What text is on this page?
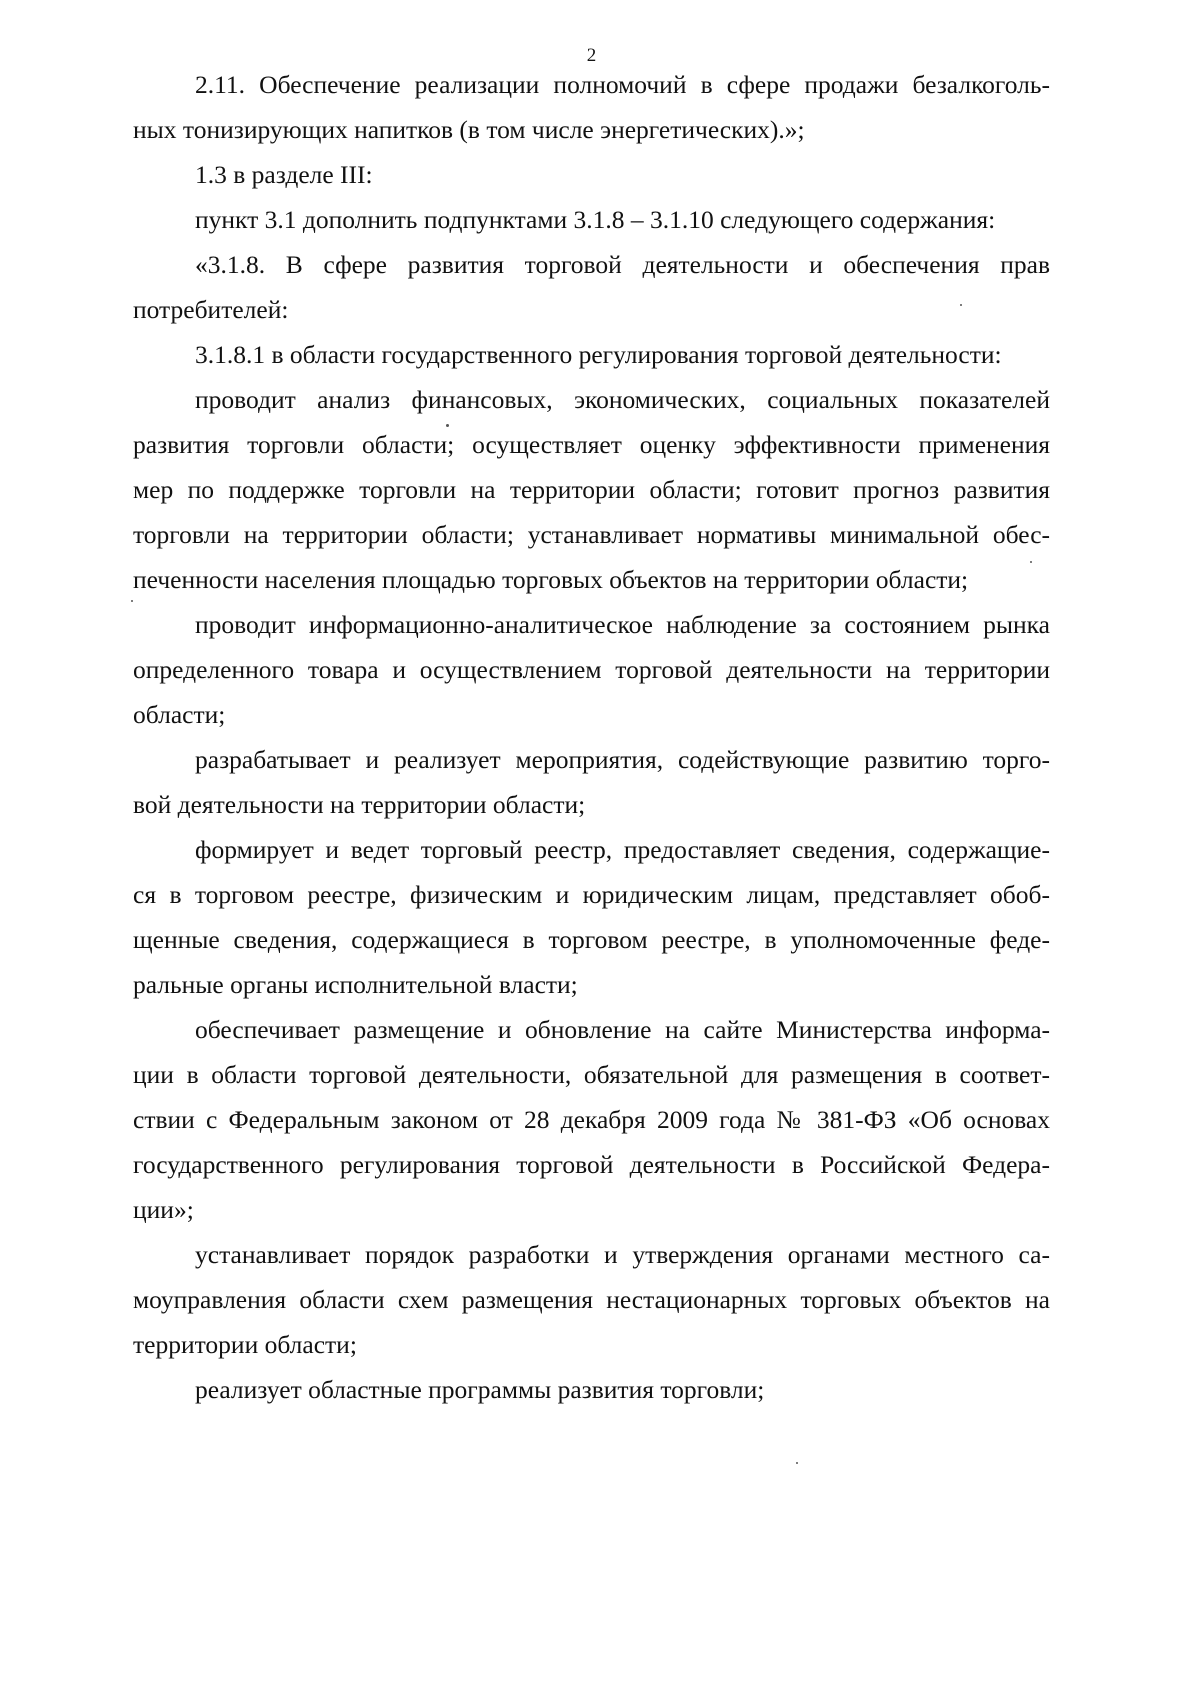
2
2.11. Обеспечение реализации полномочий в сфере продажи безалкоголь-
ных тонизирующих напитков (в том числе энергетических).»;
1.3 в разделе III:
пункт 3.1 дополнить подпунктами 3.1.8 – 3.1.10 следующего содержания:
«3.1.8. В сфере развития торговой деятельности и обеспечения прав
потребителей:
3.1.8.1 в области государственного регулирования торговой деятельности:
проводит анализ финансовых, экономических, социальных показателей
развития торговли области; осуществляет оценку эффективности применения
мер по поддержке торговли на территории области; готовит прогноз развития
торговли на территории области; устанавливает нормативы минимальной обес-
печенности населения площадью торговых объектов на территории области;
проводит информационно-аналитическое наблюдение за состоянием рынка
определенного товара и осуществлением торговой деятельности на территории
области;
разрабатывает и реализует мероприятия, содействующие развитию торго-
вой деятельности на территории области;
формирует и ведет торговый реестр, предоставляет сведения, содержащие-
ся в торговом реестре, физическим и юридическим лицам, представляет обоб-
щенные сведения, содержащиеся в торговом реестре, в уполномоченные феде-
ральные органы исполнительной власти;
обеспечивает размещение и обновление на сайте Министерства информа-
ции в области торговой деятельности, обязательной для размещения в соответ-
ствии с Федеральным законом от 28 декабря 2009 года № 381-ФЗ «Об основах
государственного регулирования торговой деятельности в Российской Федера-
ции»;
устанавливает порядок разработки и утверждения органами местного са-
моуправления области схем размещения нестационарных торговых объектов на
территории области;
реализует областные программы развития торговли;
